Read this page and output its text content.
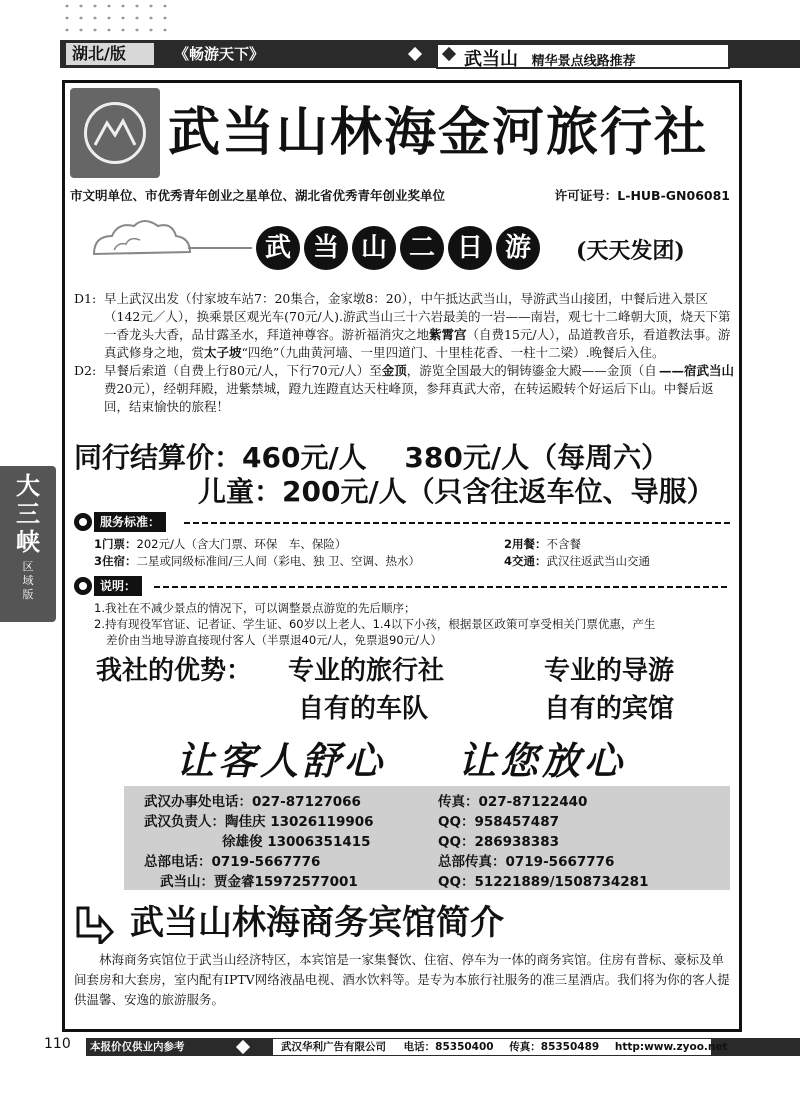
湖北/版	《畅游天下》	武当山 精华景点线路推荐
武当山林海金河旅行社
市文明单位、市优秀青年创业之星单位、湖北省优秀青年创业奖单位	许可证号：L-HUB-GN06081
武 当 山 二 日 游	(天天发团)
D1: 早上武汉出发（付家坡车站7：20集合，金家墩8：20），中午抵达武当山，导游武当山接团，中餐后进入景区（142元／人），换乘景区观光车(70元/人).游武当山三十六岩最美的一岩——南岩，观七十二峰朝大顶，烧天下第一香龙头大香，品甘露圣水，拜道神尊容。游祈福消灾之地紫霄宫（自费15元/人），品道教音乐，看道教法事。游真武修身之地，赏太子坡“四绝”（九曲黄河墙、一里四道门、十里桂花香、一柱十二梁）.晚餐后入住。
——宿武当山
D2: 早餐后索道（自费上行80元/人，下行70元/人）至金顶，游览全国最大的铜铸鎏金大殿——金顶（自费20元），经朝拜殿，进紫禁城，蹬九连蹬直达天柱峰顶，参拜真武大帝，在转运殿转个好运后下山。中餐后返回，结束愉快的旅程！
同行结算价：460元/人　 380元/人（每周六）
儿童：200元/人（只含往返车位、导服）
服务标准：
1门票：202元/人（含大门票、环保　车、保险）	2用餐：不含餐
3住宿：二星或同级标准间/三人间（彩电、独 卫、空调、热水）	4交通：武汉往返武当山交通
说明：
1.我社在不减少景点的情况下，可以调整景点游览的先后顺序；
2.持有现役军官证、记者证、学生证、60岁以上老人、1.4以下小孩，根据景区政策可享受相关门票优惠，产生
差价由当地导游直接现付客人（半票退40元/人，免票退90元/人）
我社的优势： 专业的旅行社	专业的导游
自有的车队	自有的宾馆
让客人舒心 让您放心
武汉办事处电话：027-87127066	传真：027-87122440
武汉负责人：陶佳庆 13026119906	QQ：958457487
徐雄俊 13006351415	QQ：286938383
总部电话：0719-5667776	总部传真：0719-5667776
武当山：贾金睿15972577001	QQ：51221889/1508734281
武当山林海商务宾馆简介
　　林海商务宾馆位于武当山经济特区，本宾馆是一家集餐饮、住宿、停车为一体的商务宾馆。住房有普标、豪标及单间套房和大套房，室内配有IPTV网络液晶电视、酒水饮料等。是专为本旅行社服务的准三星酒店。我们将为你的客人提供温馨、安逸的旅游服务。
大三峡
区域版
110 本报价仅供业内参考	武汉华利广告有限公司 电话：85350400 传真：85350489 http:www.zyoo.net
